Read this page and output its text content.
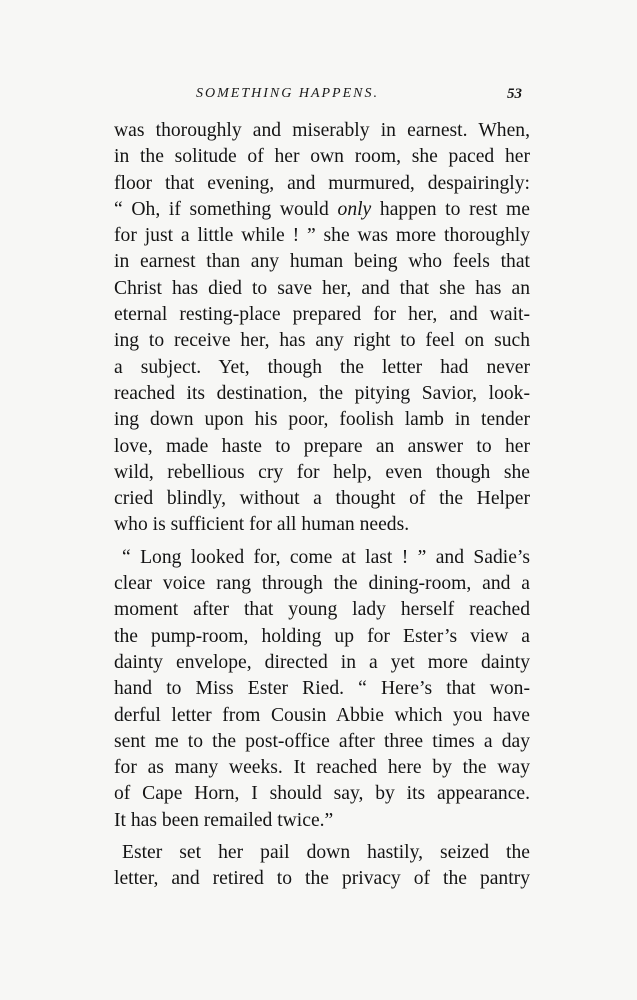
SOMETHING HAPPENS.	53
was thoroughly and miserably in earnest. When,
in the solitude of her own room, she paced her
floor that evening, and murmured, despairingly:
“ Oh, if something would only happen to rest me
for just a little while ! ” she was more thoroughly
in earnest than any human being who feels that
Christ has died to save her, and that she has an
eternal resting-place prepared for her, and wait-
ing to receive her, has any right to feel on such
a subject. Yet, though the letter had never
reached its destination, the pitying Savior, look-
ing down upon his poor, foolish lamb in tender
love, made haste to prepare an answer to her
wild, rebellious cry for help, even though she
cried blindly, without a thought of the Helper
who is sufficient for all human needs.
“ Long looked for, come at last ! ” and Sadie’s
clear voice rang through the dining-room, and a
moment after that young lady herself reached
the pump-room, holding up for Ester’s view a
dainty envelope, directed in a yet more dainty
hand to Miss Ester Ried. “ Here’s that won-
derful letter from Cousin Abbie which you have
sent me to the post-office after three times a day
for as many weeks. It reached here by the way
of Cape Horn, I should say, by its appearance.
It has been remailed twice.”
Ester set her pail down hastily, seized the
letter, and retired to the privacy of the pantry
